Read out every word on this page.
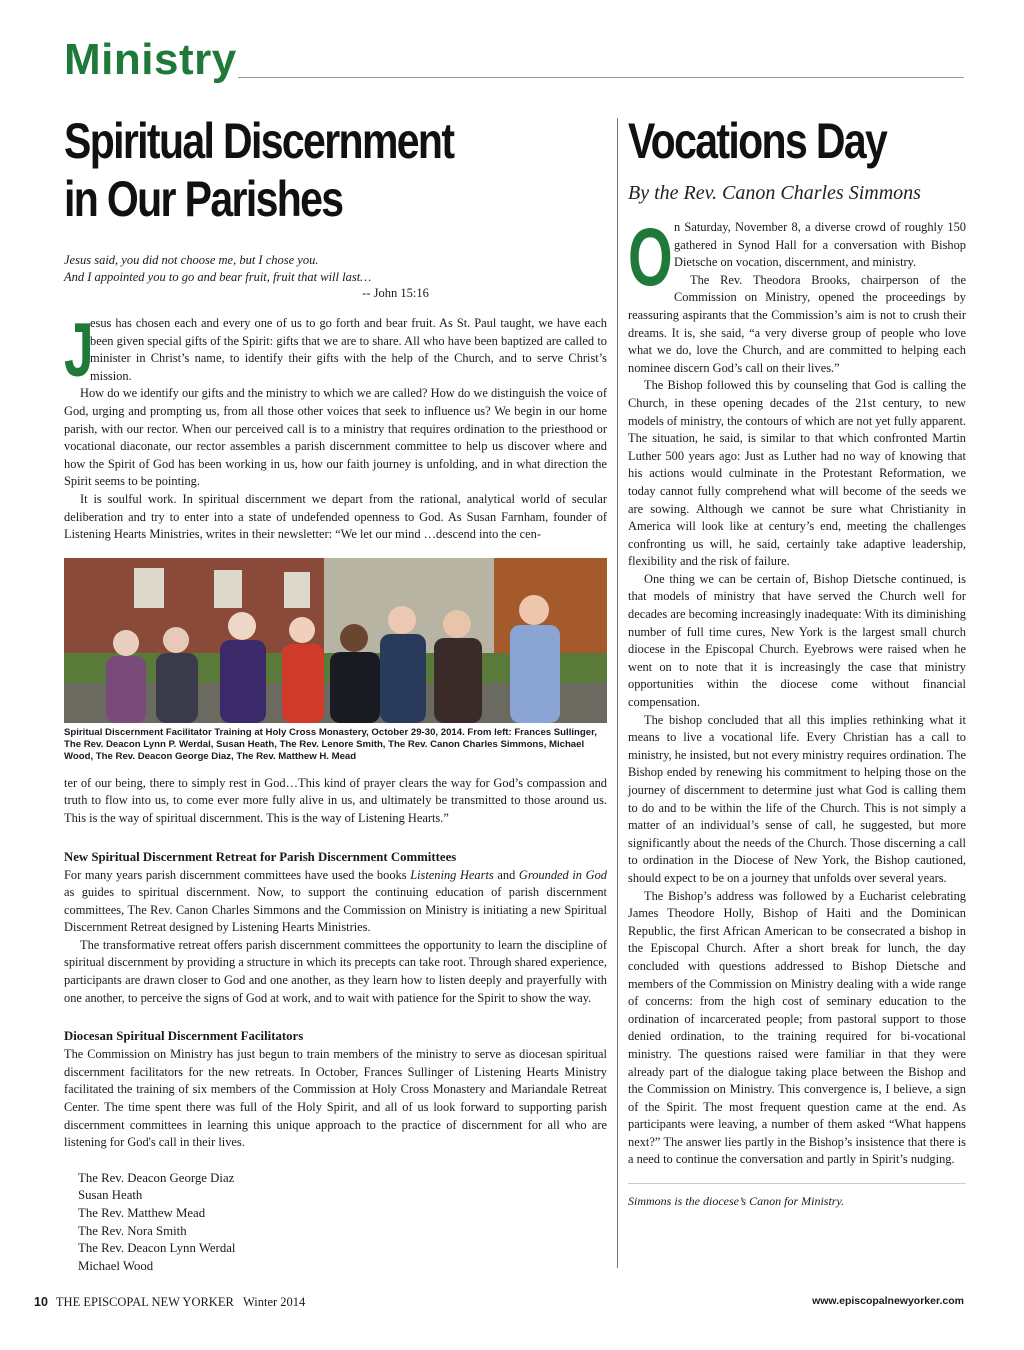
Ministry
Spiritual Discernment
in Our Parishes
Jesus said, you did not choose me, but I chose you.
And I appointed you to go and bear fruit, fruit that will last…
-- John 15:16
J

esus has chosen each and every one of us to go forth and bear fruit. As St. Paul taught, we have each been given special gifts of the Spirit: gifts that we are to share. All who have been baptized are called to minister in Christ’s name, to identify their gifts with the help of the Church, and to serve Christ’s mission.

How do we identify our gifts and the ministry to which we are called? How do we distinguish the voice of God, urging and prompting us, from all those other voices that seek to influence us? We begin in our home parish, with our rector. When our perceived call is to a ministry that requires ordination to the priesthood or vocational diaconate, our rector assembles a parish discernment committee to help us discover where and how the Spirit of God has been working in us, how our faith journey is unfolding, and in what direction the Spirit seems to be pointing.

It is soulful work. In spiritual discernment we depart from the rational, analytical world of secular deliberation and try to enter into a state of undefended openness to God. As Susan Farnham, founder of Listening Hearts Ministries, writes in their newsletter: “We let our mind …descend into the cen-

Spiritual Discernment Facilitator Training at Holy Cross Monastery, October 29-30, 2014. From left: Frances Sullinger, The Rev. Deacon Lynn P. Werdal, Susan Heath, The Rev. Lenore Smith, The Rev. Canon Charles Simmons, Michael Wood, The Rev. Deacon George Diaz, The Rev. Matthew H. Mead

ter of our being, there to simply rest in God…This kind of prayer clears the way for God’s compassion and truth to flow into us, to come ever more fully alive in us, and ultimately be transmitted to those around us. This is the way of spiritual discernment. This is the way of Listening Hearts.”

New Spiritual Discernment Retreat for Parish Discernment Committees

For many years parish discernment committees have used the books Listening Hearts and Grounded in God as guides to spiritual discernment. Now, to support the continuing education of parish discernment committees, The Rev. Canon Charles Simmons and the Commission on Ministry is initiating a new Spiritual Discernment Retreat designed by Listening Hearts Ministries.

The transformative retreat offers parish discernment committees the opportunity to learn the discipline of spiritual discernment by providing a structure in which its precepts can take root. Through shared experience, participants are drawn closer to God and one another, as they learn how to listen deeply and prayerfully with one another, to perceive the signs of God at work, and to wait with patience for the Spirit to show the way.

Diocesan Spiritual Discernment Facilitators

The Commission on Ministry has just begun to train members of the ministry to serve as diocesan spiritual discernment facilitators for the new retreats. In October, Frances Sullinger of Listening Hearts Ministry facilitated the training of six members of the Commission at Holy Cross Monastery and Mariandale Retreat Center. The time spent there was full of the Holy Spirit, and all of us look forward to supporting parish discernment committees in learning this unique approach to the practice of discernment for all who are listening for God's call in their lives.

The Rev. Deacon George Diaz
Susan Heath
The Rev. Matthew Mead
The Rev. Nora Smith
The Rev. Deacon Lynn Werdal
Michael Wood
Vocations Day
By the Rev. Canon Charles Simmons
O n Saturday, November 8, a diverse crowd of roughly 150 gathered in Synod Hall for a conversation with Bishop Dietsche on vocation, discernment, and ministry.

The Rev. Theodora Brooks, chairperson of the Commission on Ministry, opened the proceedings by reassuring aspirants that the Commission’s aim is not to crush their dreams. It is, she said, “a very diverse group of people who love what we do, love the Church, and are committed to helping each nominee discern God’s call on their lives.”

The Bishop followed this by counseling that God is calling the Church, in these opening decades of the 21st century, to new models of ministry, the contours of which are not yet fully apparent. The situation, he said, is similar to that which confronted Martin Luther 500 years ago: Just as Luther had no way of knowing that his actions would culminate in the Protestant Reformation, we today cannot fully comprehend what will become of the seeds we are sowing. Although we cannot be sure what Christianity in America will look like at century’s end, meeting the challenges confronting us will, he said, certainly take adaptive leadership, flexibility and the risk of failure.

One thing we can be certain of, Bishop Dietsche continued, is that models of ministry that have served the Church well for decades are becoming increasingly inadequate: With its diminishing number of full time cures, New York is the largest small church diocese in the Episcopal Church. Eyebrows were raised when he went on to note that it is increasingly the case that ministry opportunities within the diocese come without financial compensation.

The bishop concluded that all this implies rethinking what it means to live a vocational life. Every Christian has a call to ministry, he insisted, but not every ministry requires ordination. The Bishop ended by renewing his commitment to helping those on the journey of discernment to determine just what God is calling them to do and to be within the life of the Church. This is not simply a matter of an individual’s sense of call, he suggested, but more significantly about the needs of the Church. Those discerning a call to ordination in the Diocese of New York, the Bishop cautioned, should expect to be on a journey that unfolds over several years.

The Bishop’s address was followed by a Eucharist celebrating James Theodore Holly, Bishop of Haiti and the Dominican Republic, the first African American to be consecrated a bishop in the Episcopal Church. After a short break for lunch, the day concluded with questions addressed to Bishop Dietsche and members of the Commission on Ministry dealing with a wide range of concerns: from the high cost of seminary education to the ordination of incarcerated people; from pastoral support to those denied ordination, to the training required for bi-vocational ministry. The questions raised were familiar in that they were already part of the dialogue taking place between the Bishop and the Commission on Ministry. This convergence is, I believe, a sign of the Spirit. The most frequent question came at the end. As participants were leaving, a number of them asked “What happens next?” The answer lies partly in the Bishop’s insistence that there is a need to continue the conversation and partly in Spirit’s nudging.

Simmons is the diocese’s Canon for Ministry.
10 THE EPISCOPAL NEW YORKER   Winter 2014	www.episcopalnewyorker.com
